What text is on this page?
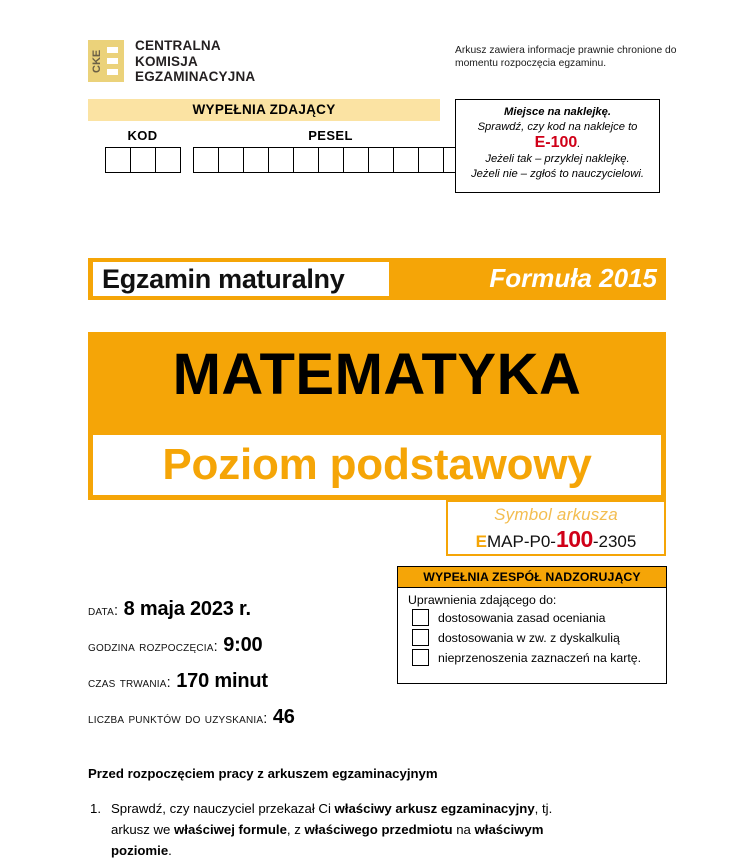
CKE
CENTRALNA
KOMISJA
EGZAMINACYJNA
Arkusz zawiera informacje prawnie chronione do momentu rozpoczęcia egzaminu.
WYPEŁNIA ZDAJĄCY
KOD	PESEL
Miejsce na naklejkę.
Sprawdź, czy kod na naklejce to
E-100.
Jeżeli tak – przyklej naklejkę.
Jeżeli nie – zgłoś to nauczycielowi.
Egzamin maturalny	Formuła 2015
MATEMATYKA
Poziom podstawowy
Symbol arkusza
EMAP-P0-100-2305
WYPEŁNIA ZESPÓŁ NADZORUJĄCY
Uprawnienia zdającego do:
dostosowania zasad oceniania
dostosowania w zw. z dyskalkulią
nieprzenoszenia zaznaczeń na kartę.
data: 8 maja 2023 r.
godzina rozpoczęcia: 9:00
czas trwania: 170 minut
liczba punktów do uzyskania: 46
Przed rozpoczęciem pracy z arkuszem egzaminacyjnym
1. Sprawdź, czy nauczyciel przekazał Ci właściwy arkusz egzaminacyjny, tj. arkusz we właściwej formule, z właściwego przedmiotu na właściwym poziomie.
